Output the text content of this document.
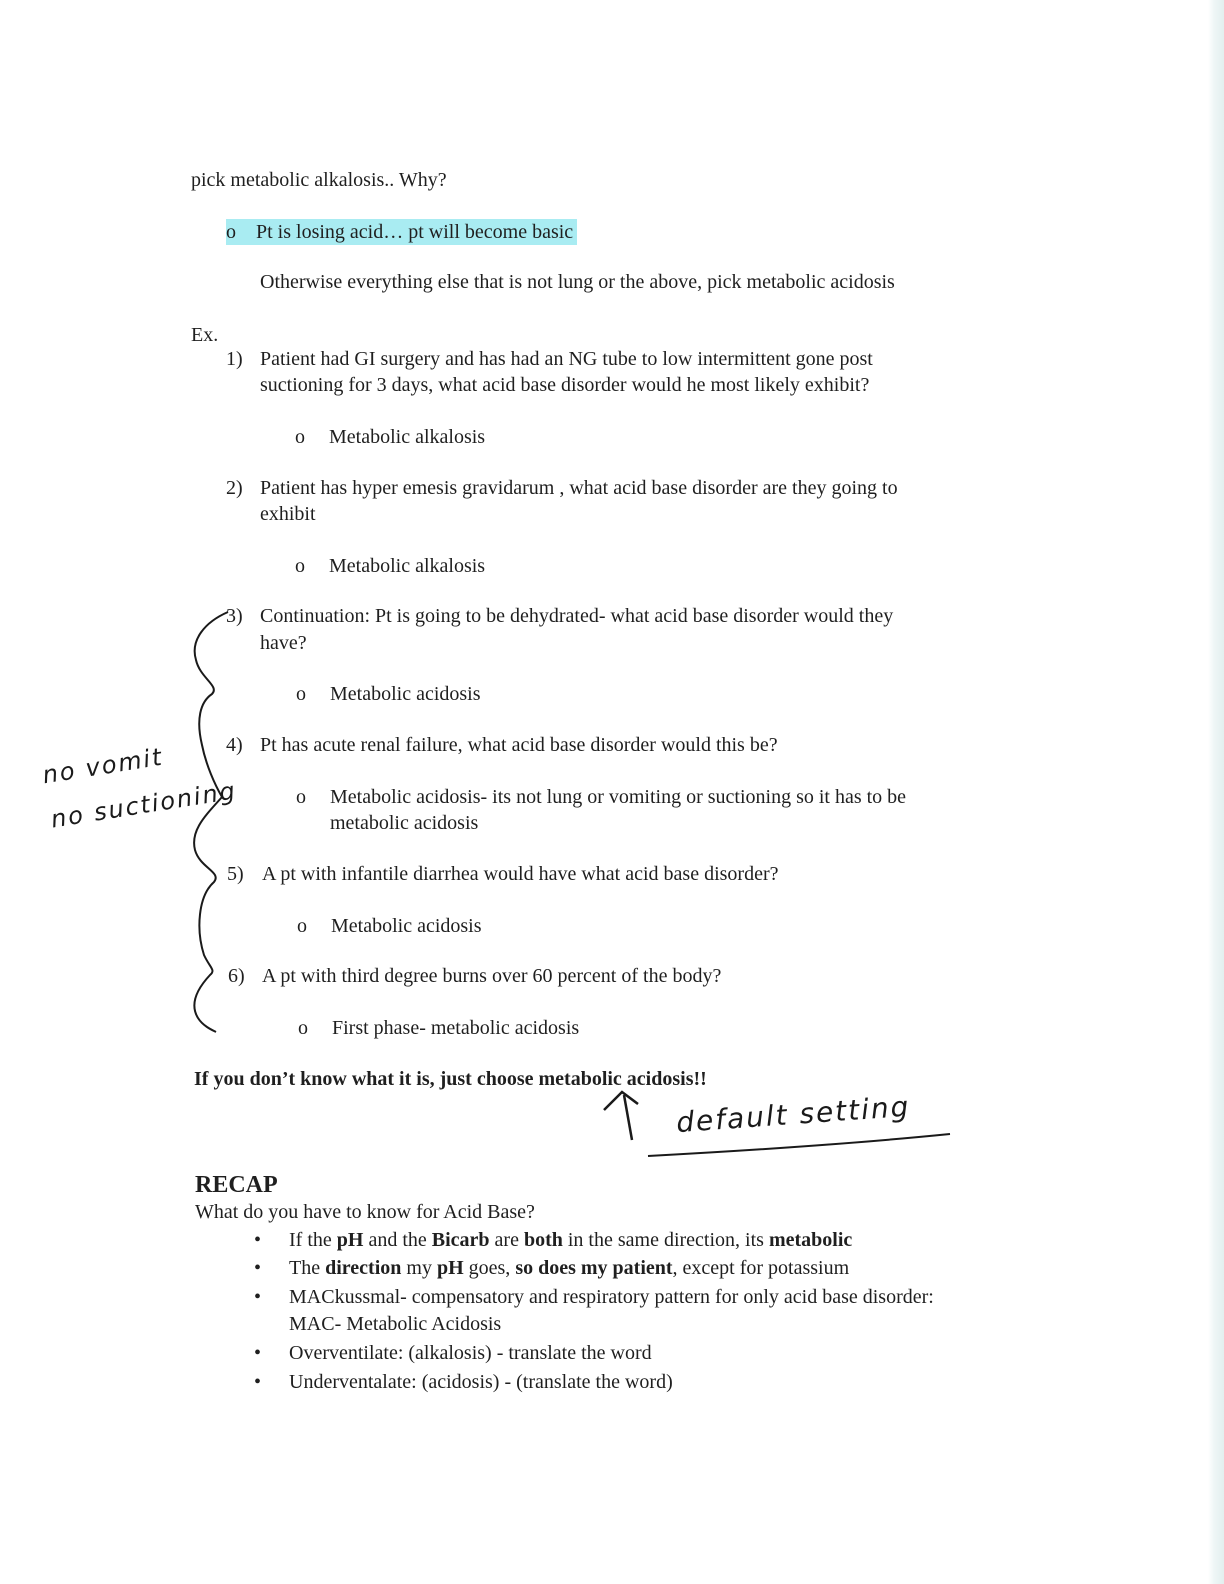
pick metabolic alkalosis.. Why?
o Pt is losing acid… pt will become basic
Otherwise everything else that is not lung or the above, pick metabolic acidosis
Ex.
1) Patient had GI surgery and has had an NG tube to low intermittent gone post
suctioning for 3 days, what acid base disorder would he most likely exhibit?
o Metabolic alkalosis
2) Patient has hyper emesis gravidarum , what acid base disorder are they going to
exhibit
o Metabolic alkalosis
3) Continuation: Pt is going to be dehydrated- what acid base disorder would they
have?
o Metabolic acidosis
4) Pt has acute renal failure, what acid base disorder would this be?
o Metabolic acidosis- its not lung or vomiting or suctioning so it has to be
metabolic acidosis
5) A pt with infantile diarrhea would have what acid base disorder?
o Metabolic acidosis
6) A pt with third degree burns over 60 percent of the body?
o First phase- metabolic acidosis
If you don’t know what it is, just choose metabolic acidosis!!
RECAP
What do you have to know for Acid Base?
• If the pH and the Bicarb are both in the same direction, its metabolic
• The direction my pH goes, so does my patient, except for potassium
• MACkussmal- compensatory and respiratory pattern for only acid base disorder:
MAC- Metabolic Acidosis
• Overventilate: (alkalosis) - translate the word
• Underventalate: (acidosis) - (translate the word)
no vomit
no suctioning
default setting
